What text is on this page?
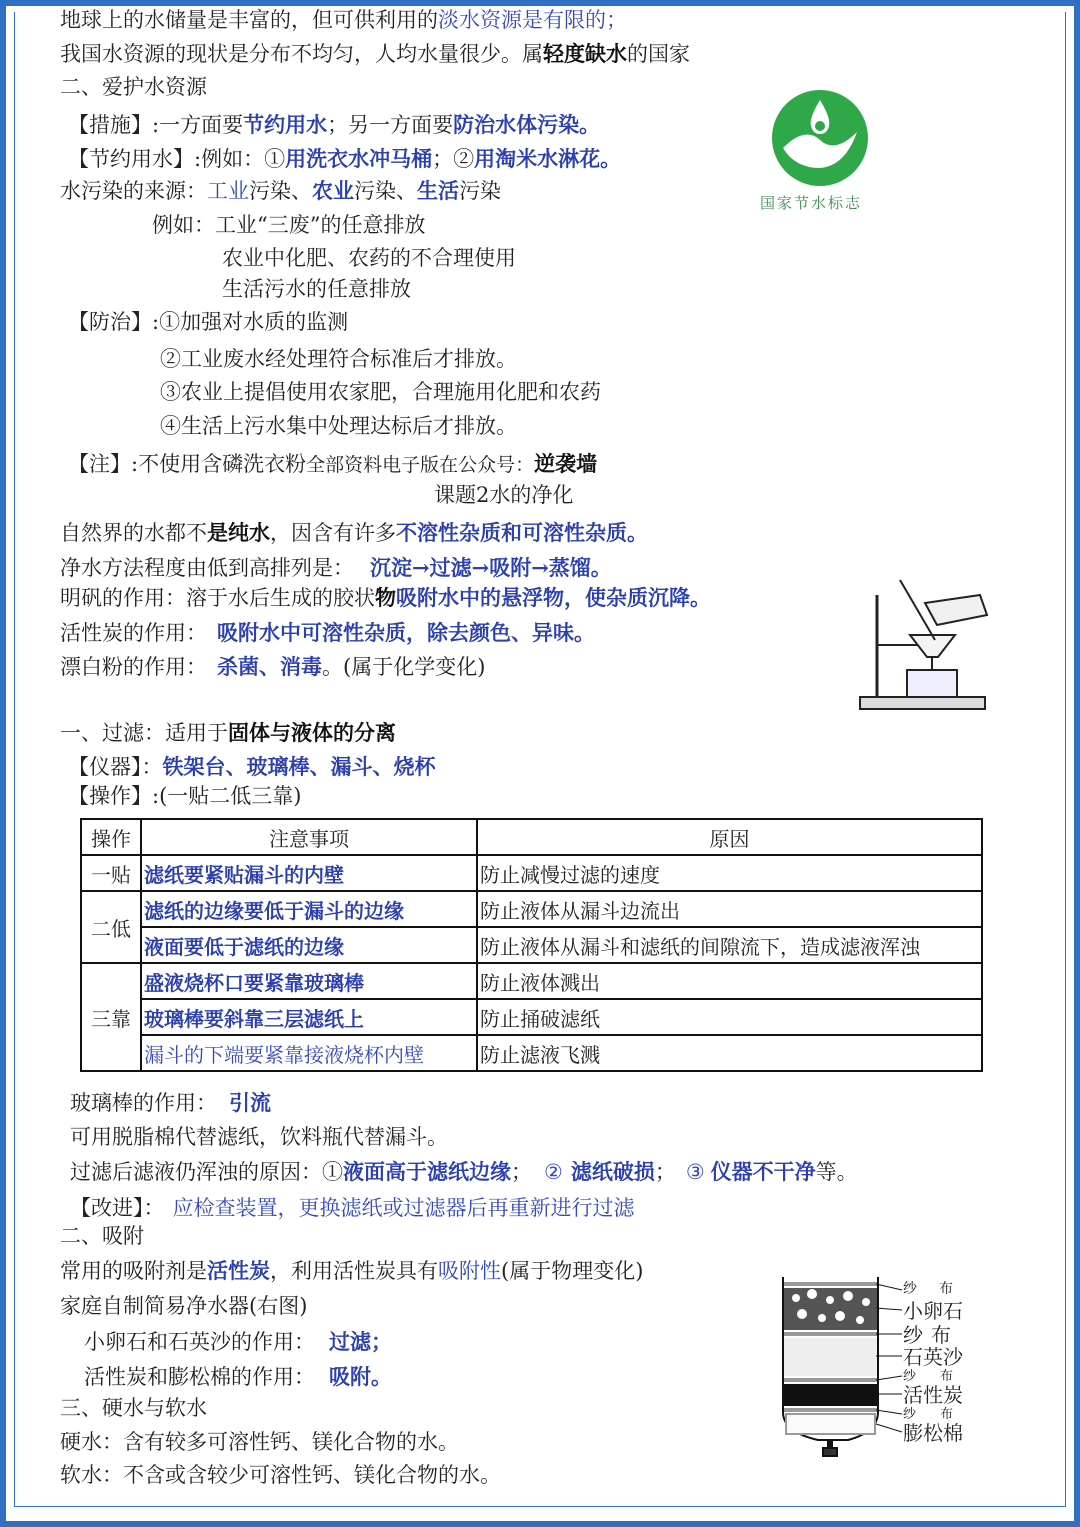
地球上的水储量是丰富的，但可供利用的淡水资源是有限的；
我国水资源的现状是分布不均匀，人均水量很少。属轻度缺水的国家
二、爱护水资源
【措施】:一方面要节约用水；另一方面要防治水体污染。
【节约用水】:例如：①用洗衣水冲马桶；②用淘米水淋花。
水污染的来源：工业污染、农业污染、生活污染
例如：工业“三废”的任意排放
农业中化肥、农药的不合理使用
生活污水的任意排放
【防治】:①加强对水质的监测
②工业废水经处理符合标准后才排放。
③农业上提倡使用农家肥，合理施用化肥和农药
④生活上污水集中处理达标后才排放。
【注】:不使用含磷洗衣粉全部资料电子版在公众号：逆袭墙
课题2水的净化
国家节水标志
自然界的水都不是纯水，因含有许多不溶性杂质和可溶性杂质。
净水方法程度由低到高排列是： 沉淀→过滤→吸附→蒸馏。
明矾的作用：溶于水后生成的胶状物吸附水中的悬浮物，使杂质沉降。
活性炭的作用： 吸附水中可溶性杂质，除去颜色、异味。
漂白粉的作用： 杀菌、消毒。(属于化学变化)
一、过滤：适用于固体与液体的分离
【仪器】：铁架台、玻璃棒、漏斗、烧杯
【操作】:(一贴二低三靠)
操作	注意事项	原因
一贴	滤纸要紧贴漏斗的内壁	防止减慢过滤的速度
二低	滤纸的边缘要低于漏斗的边缘	防止液体从漏斗边流出
	液面要低于滤纸的边缘	防止液体从漏斗和滤纸的间隙流下，造成滤液浑浊
三靠	盛液烧杯口要紧靠玻璃棒	防止液体溅出
	玻璃棒要斜靠三层滤纸上	防止捅破滤纸
	漏斗的下端要紧靠接液烧杯内壁	防止滤液飞溅
玻璃棒的作用： 引流
可用脱脂棉代替滤纸，饮料瓶代替漏斗。
过滤后滤液仍浑浊的原因：①液面高于滤纸边缘； ② 滤纸破损； ③ 仪器不干净等。
【改进】： 应检查装置，更换滤纸或过滤器后再重新进行过滤
二、吸附
常用的吸附剂是活性炭，利用活性炭具有吸附性(属于物理变化)
家庭自制简易净水器(右图)
小卵石和石英沙的作用： 过滤；
活性炭和膨松棉的作用： 吸附。
三、硬水与软水
硬水：含有较多可溶性钙、镁化合物的水。
软水：不含或含较少可溶性钙、镁化合物的水。
纱 布
小卵石
纱 布
石英沙
纱 布
活性炭
纱 布
膨松棉
